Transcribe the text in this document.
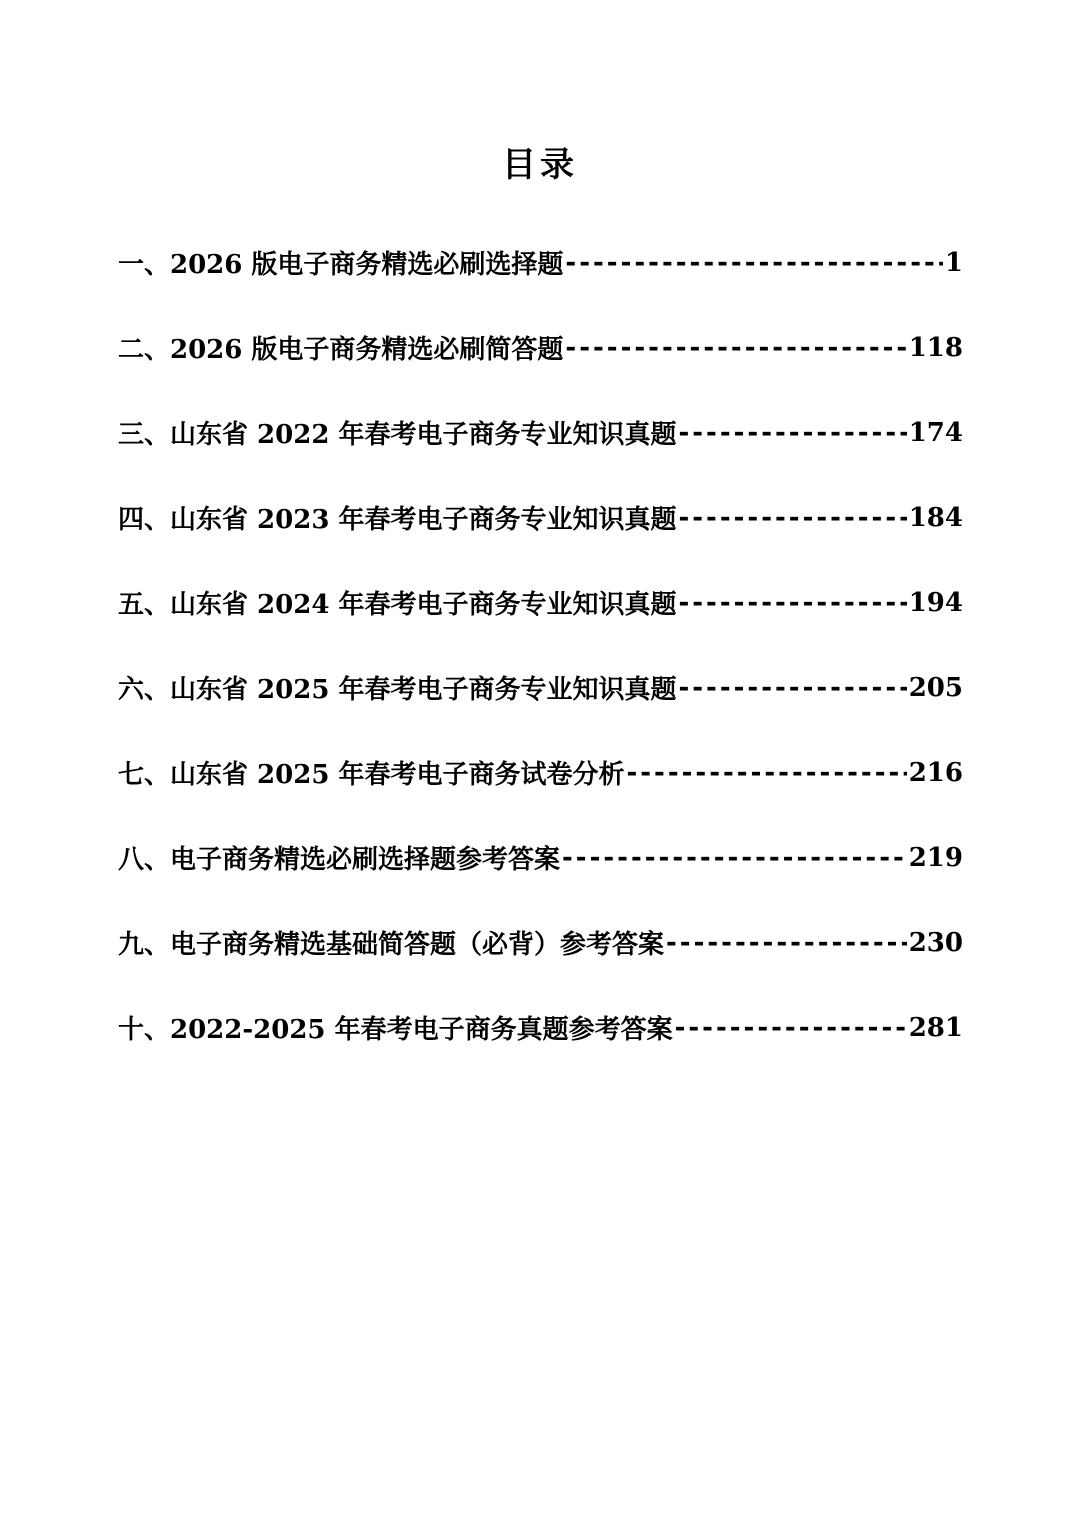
目录
一、2026 版电子商务精选必刷选择题 -----	1
二、2026 版电子商务精选必刷简答题 -----	118
三、山东省 2022 年春考电子商务专业知识真题 -----	174
四、山东省 2023 年春考电子商务专业知识真题 -----	184
五、山东省 2024 年春考电子商务专业知识真题 -----	194
六、山东省 2025 年春考电子商务专业知识真题 -----	205
七、山东省 2025 年春考电子商务试卷分析 -----	216
八、电子商务精选必刷选择题参考答案 -----	219
九、电子商务精选基础简答题（必背）参考答案 -----	230
十、2022-2025 年春考电子商务真题参考答案 -----	281
